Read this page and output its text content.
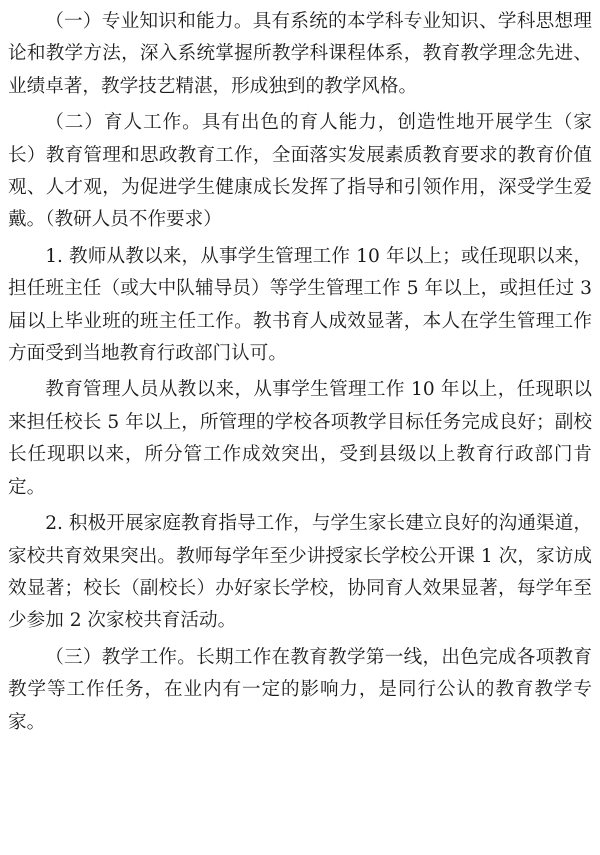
（一）专业知识和能力。具有系统的本学科专业知识、学科思想理论和教学方法，深入系统掌握所教学科课程体系，教育教学理念先进、业绩卓著，教学技艺精湛，形成独到的教学风格。

（二）育人工作。具有出色的育人能力，创造性地开展学生（家长）教育管理和思政教育工作，全面落实发展素质教育要求的教育价值观、人才观，为促进学生健康成长发挥了指导和引领作用，深受学生爱戴。（教研人员不作要求）

1. 教师从教以来，从事学生管理工作 10 年以上；或任现职以来，担任班主任（或大中队辅导员）等学生管理工作 5 年以上，或担任过 3 届以上毕业班的班主任工作。教书育人成效显著，本人在学生管理工作方面受到当地教育行政部门认可。

教育管理人员从教以来，从事学生管理工作 10 年以上，任现职以来担任校长 5 年以上，所管理的学校各项教学目标任务完成良好；副校长任现职以来，所分管工作成效突出，受到县级以上教育行政部门肯定。

2. 积极开展家庭教育指导工作，与学生家长建立良好的沟通渠道，家校共育效果突出。教师每学年至少讲授家长学校公开课 1 次，家访成效显著；校长（副校长）办好家长学校，协同育人效果显著，每学年至少参加 2 次家校共育活动。

（三）教学工作。长期工作在教育教学第一线，出色完成各项教育教学等工作任务，在业内有一定的影响力，是同行公认的教育教学专家。
